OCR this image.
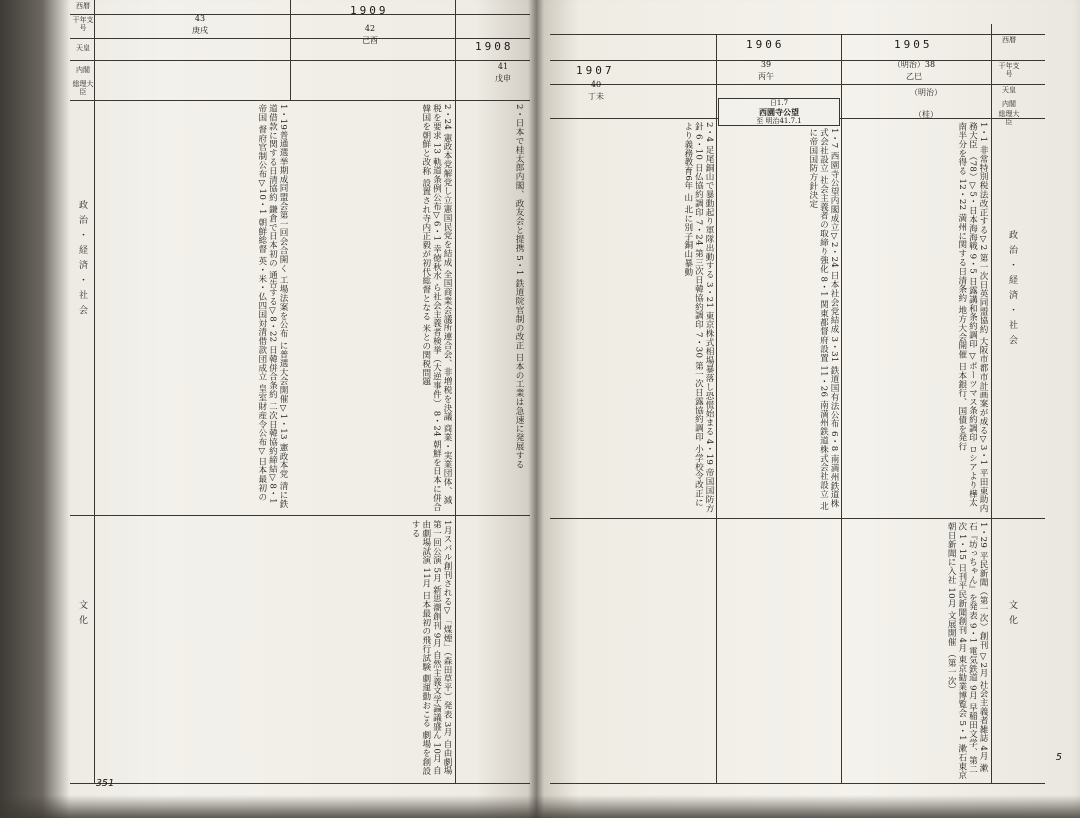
西暦
干年支号
天皇
内閣
総理大臣
1909
42
己酉
43
庚戌
1908
41
戊申
政治・経済・社会
文化
1・19普通選挙期成同盟会第一回会合開く 工場法案を公布 に普選大会開催▽1・13 憲政本党 清に鉄道借款に関する日清協約 鎌倉で日本初の 通告する▽8・22 日韓併合条約 二次日韓協約締結▽8・1 帝国 督府官制公布▽10・1 朝鮮総督 英・米・仏四国対清借款団成立 皇室財産令公布▽日本最初の
2・24 憲政本党解党し立憲国民党を結成 全国商業会議所連合会、非増税を決議 商業・実業団体、減税を要求 13 軌道条例公布▽6・1 幸徳秋水 ら社会主義者検挙（大逆事件） 8・24 朝鮮を日本に併合 韓国を朝鮮と改称 設置され寺内正毅が初代総督となる 米との関税問題
2・日本で桂太郎内閣、政友会と提携 5・1 鉄道院官制の改正 日本の工業は急速に発展する
1月スバル創刊される▽「煤煙」（森田草平）発表 3月 自由劇場第一回公演 5月 新思潮創刊 9月 自然主義文学論議盛ん 10月 自由劇場試演 11月 日本最初の飛行試験 劇運動おこる 劇場を創設する
351
西暦
干年支号
天皇
内閣
総理大臣
1907
40
丁未
1906
39
丙午
1905
（明治）38
乙巳
（明治）
（桂）
日1.7
西園寺公望
至 明治41.7.1
政治・経済・社会
文化
1・1 非常特別税法改正する▽2 第一次日英同盟協約 大阪市都市計画案が成る▽3・1 平田東助内務大臣 （78）▽5・日本海海戦 9・5 日露講和条約調印 ▽ポーツマス条約調印 ロシアより樺太南半分を得る 12・22 満州に関する日清条約 地方大会開催 日本銀行、国債を発行
1・7 西園寺公望内閣成立▽2・24 日本社会党結成 3・31 鉄道国有法公布 6・8 南満州鉄道株式会社設立 社会主義者の取締り強化 8・1 関東都督府設置 11・26 南満州鉄道株式会社設立 北に帝国国防方針決定
2・4 足尾銅山で暴動起り軍隊出動する 3・21 東京株式相場暴落し恐慌始まる 4・19 帝国国防方針 6・10 日仏協約調印 7・24 第三次日韓協約調印 7・30 第一次日露協約調印 小学校令改正により義務教育6年 山 北に別子銅山暴動
1・29 平民新聞（第一次）創刊 ▽2月 社会主義者雑誌 4月 漱石『坊っちゃん』を発表 9・1 電気鉄道 9月 早稲田文学、第二次 1・15 日刊平民新聞創刊 4月 東京勧業博覧会 5・1 漱石東京朝日新聞に入社 10月 文展開催 （第一次）
5
